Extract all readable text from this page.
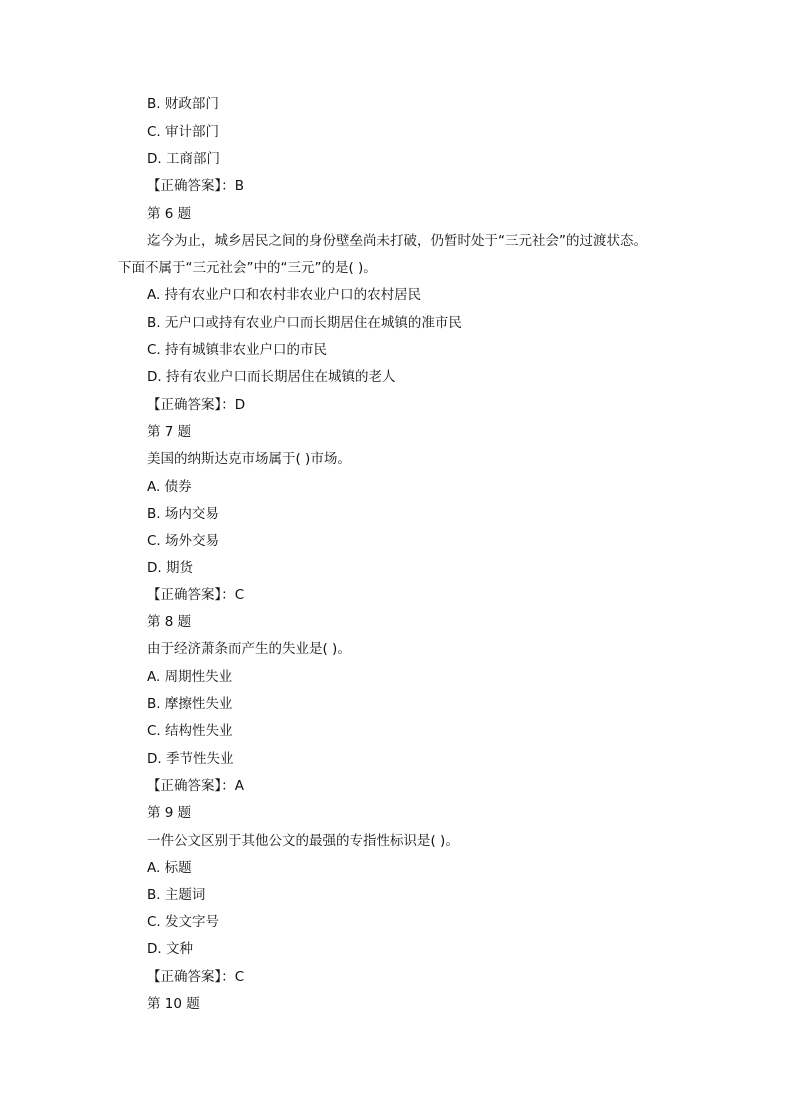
B. 财政部门
C. 审计部门
D. 工商部门
【正确答案】：B
第 6 题
迄今为止，城乡居民之间的身份壁垒尚未打破，仍暂时处于“三元社会”的过渡状态。
下面不属于“三元社会”中的“三元”的是( )。
A. 持有农业户口和农村非农业户口的农村居民
B. 无户口或持有农业户口而长期居住在城镇的准市民
C. 持有城镇非农业户口的市民
D. 持有农业户口而长期居住在城镇的老人
【正确答案】：D
第 7 题
美国的纳斯达克市场属于( )市场。
A. 债券
B. 场内交易
C. 场外交易
D. 期货
【正确答案】：C
第 8 题
由于经济萧条而产生的失业是( )。
A. 周期性失业
B. 摩擦性失业
C. 结构性失业
D. 季节性失业
【正确答案】：A
第 9 题
一件公文区别于其他公文的最强的专指性标识是( )。
A. 标题
B. 主题词
C. 发文字号
D. 文种
【正确答案】：C
第 10 题
